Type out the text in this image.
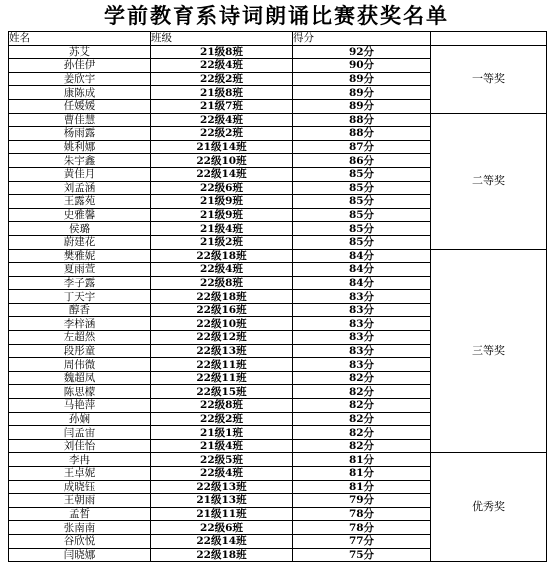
学前教育系诗词朗诵比赛获奖名单
姓名	班级	得分	
苏艾	21级8班	92分	一等奖
孙佳伊	22级4班	90分	
姜欣宇	22级2班	89分	
康陈成	21级8班	89分	
任媛媛	21级7班	89分	
曹佳慧	22级4班	88分	二等奖
杨雨露	22级2班	88分	
姚利娜	21级14班	87分	
朱宇鑫	22级10班	86分	
黄佳月	22级14班	85分	
刘孟涵	22级6班	85分	
王露苑	21级9班	85分	
史雅馨	21级9班	85分	
侯璐	21级4班	85分	
蔚建花	21级2班	85分	
樊雅妮	22级18班	84分	三等奖
夏雨萱	22级4班	84分	
李子露	22级8班	84分	
丁天宇	22级18班	83分	
醇香	22级16班	83分	
李梓涵	22级10班	83分	
左超然	22级12班	83分	
段彤童	22级13班	83分	
周伟微	22级11班	83分	
魏超凤	22级11班	82分	
陈思檬	22级15班	82分	
马艳萍	22级8班	82分	
孙娴	22级2班	82分	
闫孟宙	21级1班	82分	
刘佳怡	21级4班	82分	
李冉	22级5班	81分	优秀奖
王卓妮	22级4班	81分	
成晓钰	22级13班	81分	
王朝雨	21级13班	79分	
孟皙	21级11班	78分	
张南南	22级6班	78分	
谷欣悦	22级14班	77分	
闫晓娜	22级18班	75分	
